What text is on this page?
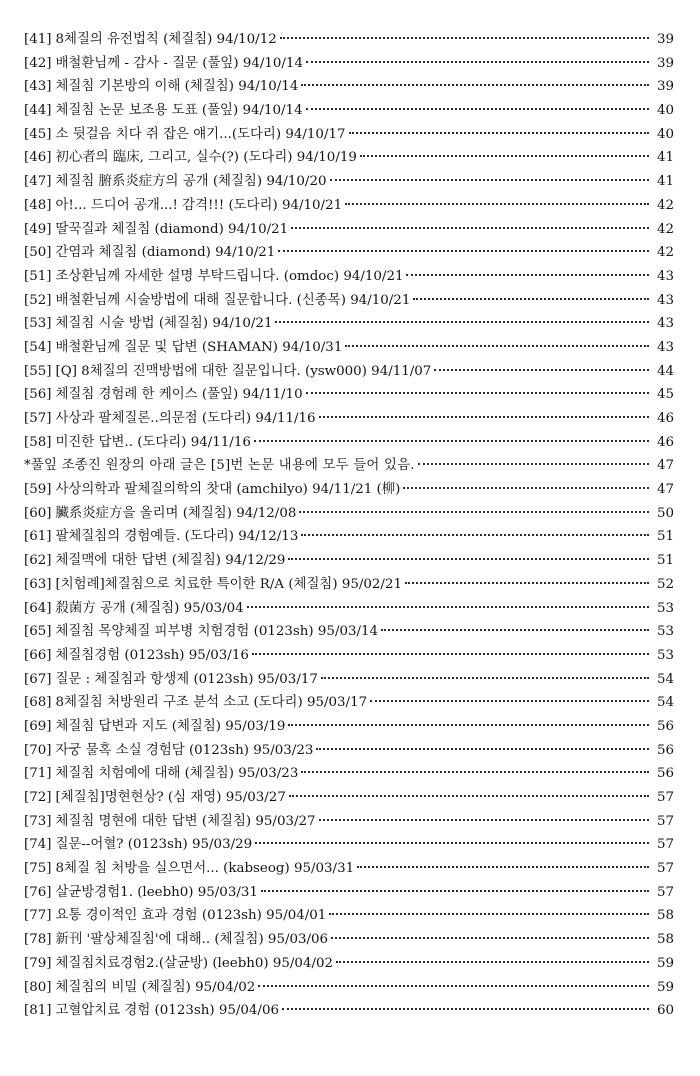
[41] 8체질의 유전법칙 (체질침) 94/10/12	39
[42] 배철환님께 - 감사 - 질문 (풀잎) 94/10/14	39
[43] 체질침 기본방의 이해 (체질침) 94/10/14	39
[44] 체질침 논문 보조용 도표 (풀잎) 94/10/14	40
[45] 소 뒷걸음 치다 쥐 잡은 얘기...(도다리) 94/10/17	40
[46] 初心者의 臨床, 그리고, 실수(?) (도다리) 94/10/19	41
[47] 체질침 腑系炎症方의 공개 (체질침) 94/10/20	41
[48] 아!... 드디어 공개...! 감격!!! (도다리) 94/10/21	42
[49] 딸꾹질과 체질침 (diamond) 94/10/21	42
[50] 간염과 체질침 (diamond) 94/10/21	42
[51] 조상환님께 자세한 설명 부탁드립니다. (omdoc) 94/10/21	43
[52] 배철환님께 시술방법에 대해 질문합니다. (신종목) 94/10/21	43
[53] 체질침 시술 방법 (체질침) 94/10/21	43
[54] 배철환님께 질문 및 답변 (SHAMAN) 94/10/31	43
[55] [Q] 8체질의 진맥방법에 대한 질문입니다. (ysw000) 94/11/07	44
[56] 체질침 경험례 한 케이스 (풀잎) 94/11/10	45
[57] 사상과 팔체질론..의문점 (도다리) 94/11/16	46
[58] 미진한 답변.. (도다리) 94/11/16	46
*풀잎 조종진 원장의 아래 글은 [5]번 논문 내용에 모두 들어 있음.	47
[59] 사상의학과 팔체질의학의 찻대 (amchilyo) 94/11/21 (柳)	47
[60] 臟系炎症方을 올리며 (체질침) 94/12/08	50
[61] 팔체질침의 경험예들. (도다리) 94/12/13	51
[62] 체질맥에 대한 답변 (체질침) 94/12/29	51
[63] [치험례]체질침으로 치료한 특이한 R/A (체질침) 95/02/21	52
[64] 殺菌方 공개 (체질침) 95/03/04	53
[65] 체질침 목양체질 피부병 치험경험 (0123sh) 95/03/14	53
[66] 체질침경험 (0123sh) 95/03/16	53
[67] 질문 : 체질침과 항생제 (0123sh) 95/03/17	54
[68] 8체질침 처방원리 구조 분석 소고 (도다리) 95/03/17	54
[69] 체질침 답변과 지도 (체질침) 95/03/19	56
[70] 자궁 물혹 소실 경험담 (0123sh) 95/03/23	56
[71] 체질침 치험예에 대해 (체질침) 95/03/23	56
[72] [체질침]명현현상? (심 재영) 95/03/27	57
[73] 체질침 명현에 대한 답변 (체질침) 95/03/27	57
[74] 질문--어혈? (0123sh) 95/03/29	57
[75] 8체질 침 처방을 실으면서... (kabseog) 95/03/31	57
[76] 살균방경험1. (leebh0) 95/03/31	57
[77] 요통 경이적인 효과 경험 (0123sh) 95/04/01	58
[78] 新刊 '팔상체질침'에 대해.. (체질침) 95/03/06	58
[79] 체질침치료경험2.(살균방) (leebh0) 95/04/02	59
[80] 체질침의 비밀 (체질침) 95/04/02	59
[81] 고혈압치료 경험 (0123sh) 95/04/06	60
